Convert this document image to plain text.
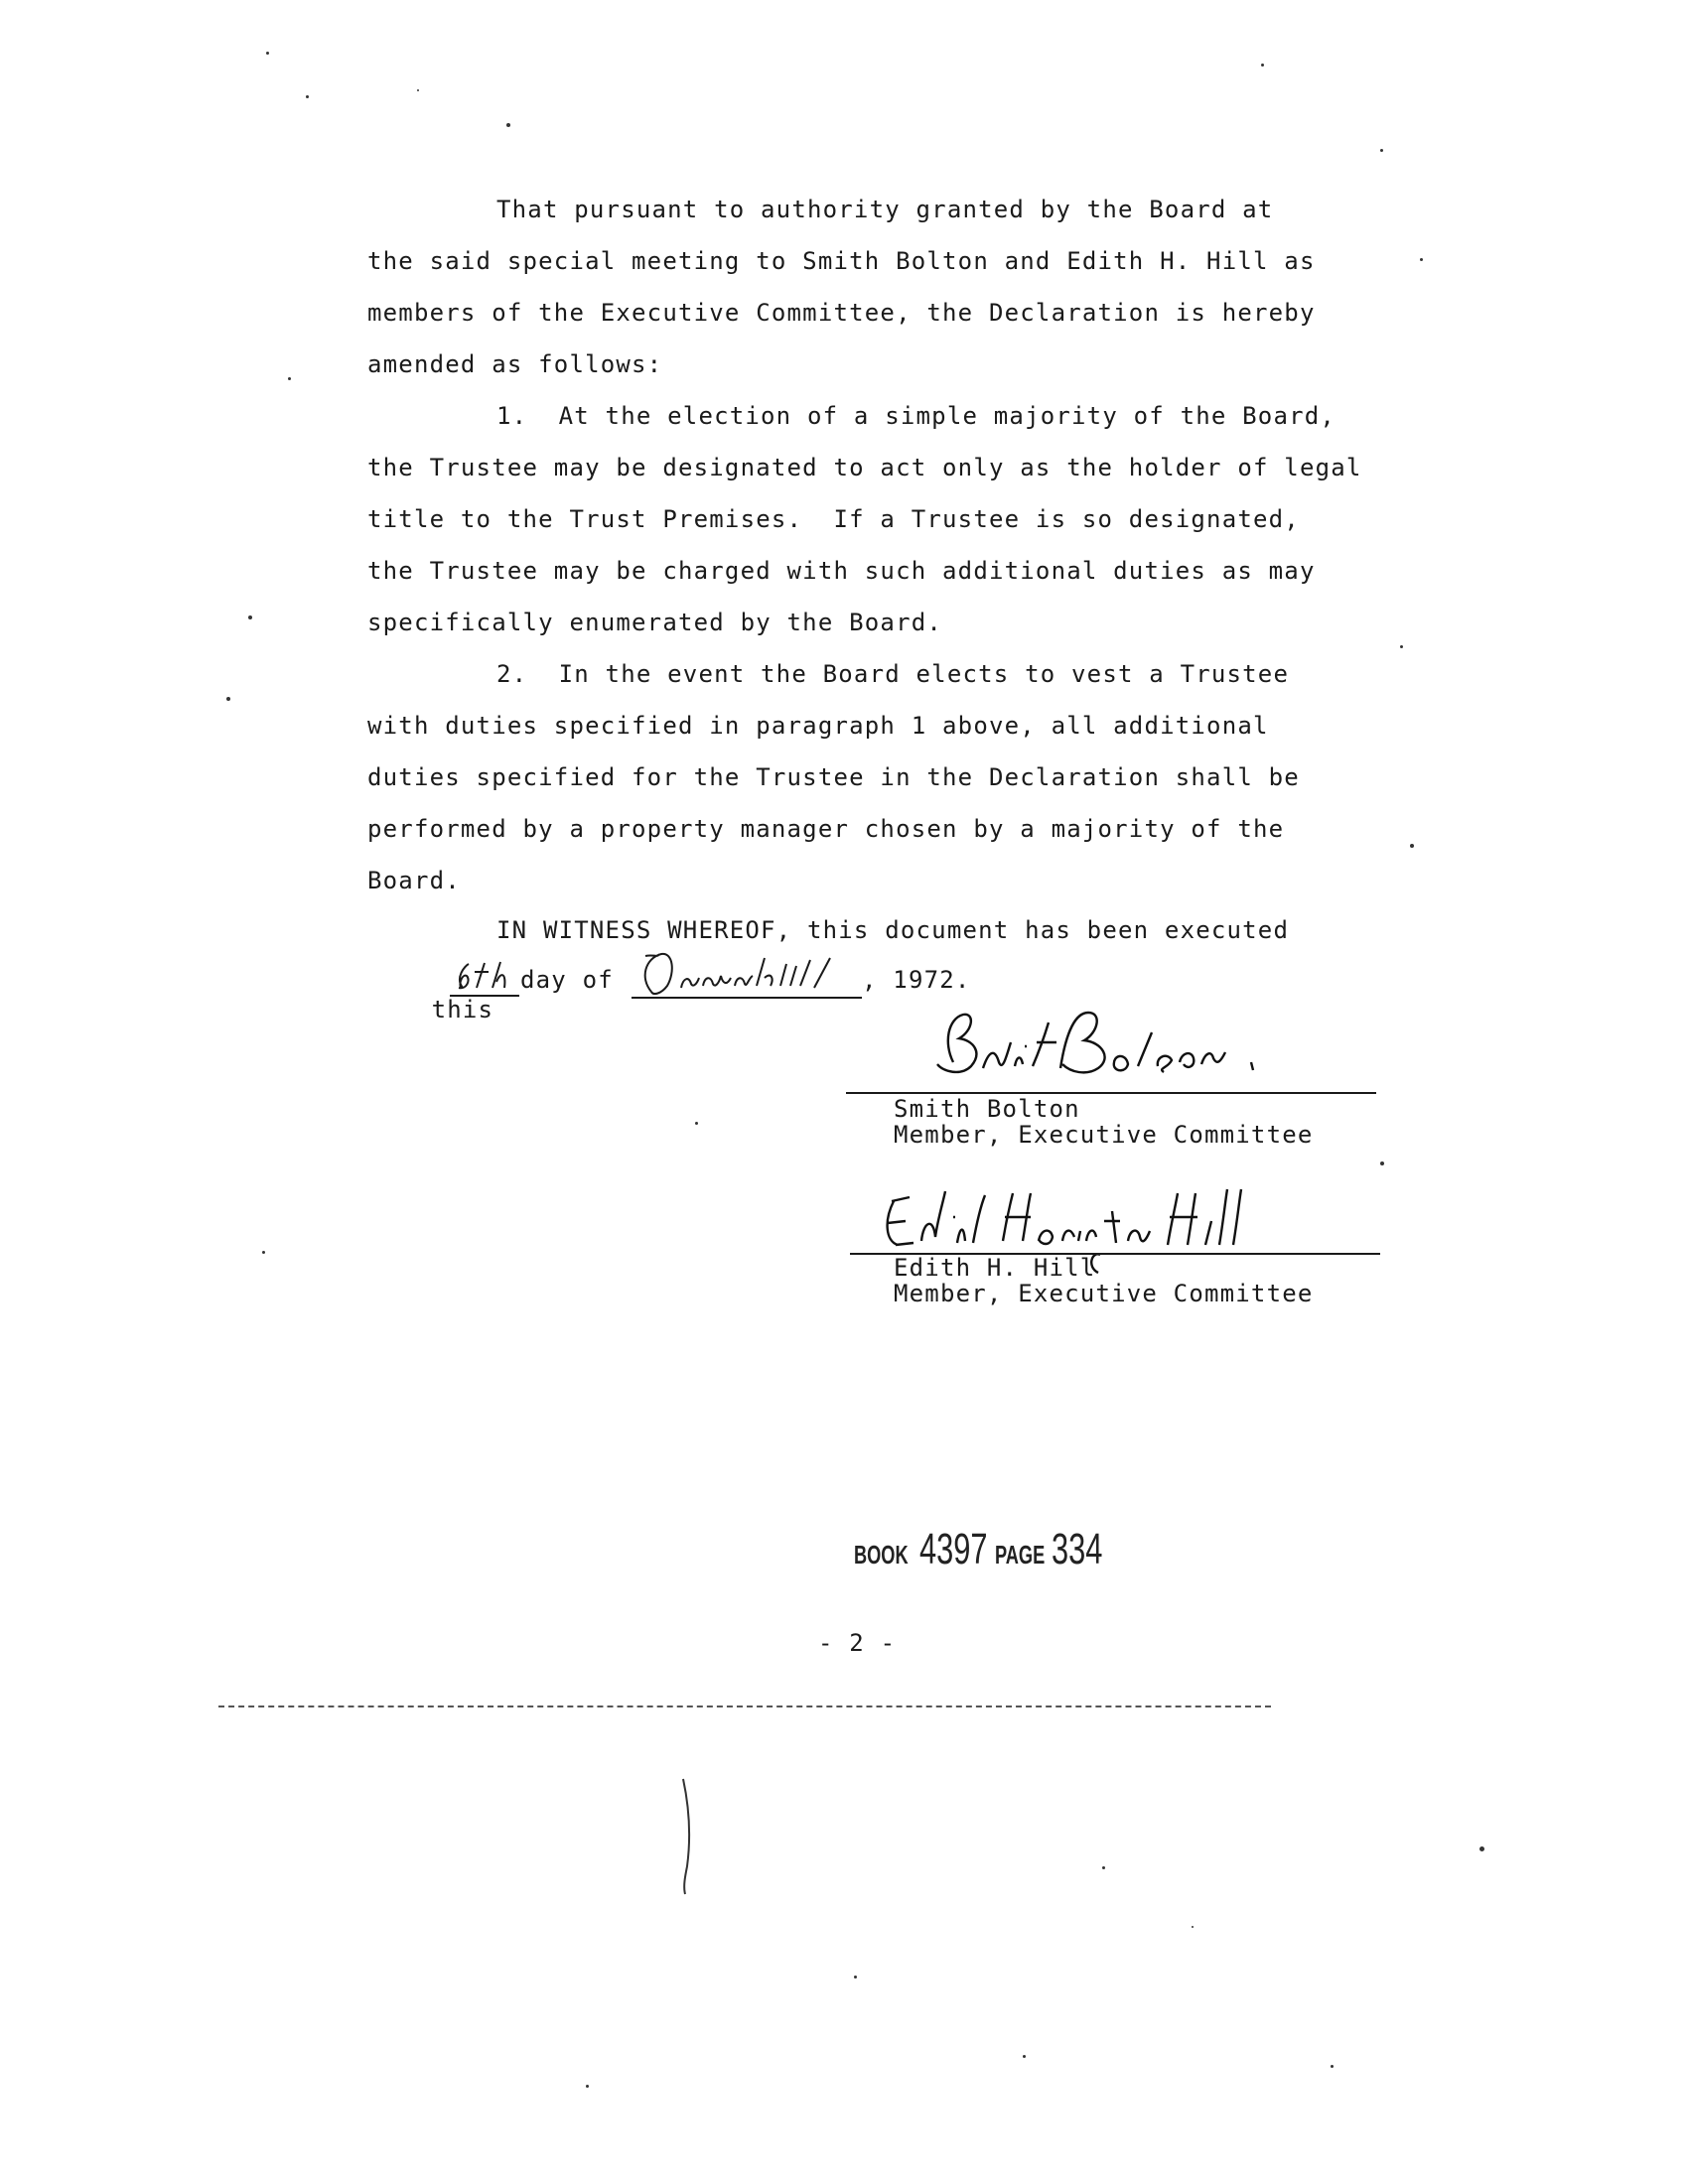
That pursuant to authority granted by the Board at
the said special meeting to Smith Bolton and Edith H. Hill as
members of the Executive Committee, the Declaration is hereby
amended as follows:
1.  At the election of a simple majority of the Board,
the Trustee may be designated to act only as the holder of legal
title to the Trust Premises.  If a Trustee is so designated,
the Trustee may be charged with such additional duties as may
specifically enumerated by the Board.
2.  In the event the Board elects to vest a Trustee
with duties specified in paragraph 1 above, all additional
duties specified for the Trustee in the Declaration shall be
performed by a property manager chosen by a majority of the
Board.
IN WITNESS WHEREOF, this document has been executed

this

day of	, 1972.
Smith Bolton
Member, Executive Committee
Edith H. Hill
Member, Executive Committee

BOOK 4397 PAGE 334

- 2 -
